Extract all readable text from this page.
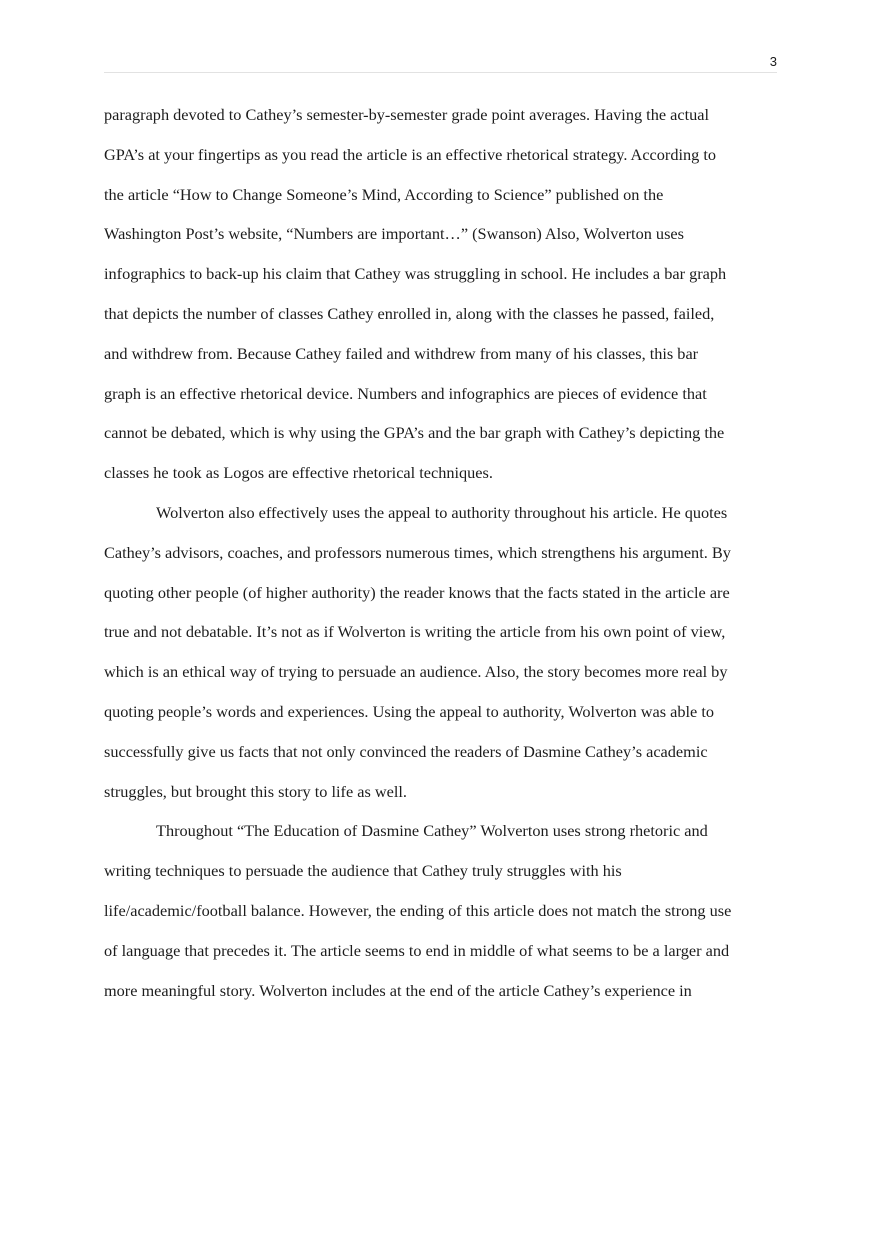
3
paragraph devoted to Cathey’s semester-by-semester grade point averages. Having the actual
GPA’s at your fingertips as you read the article is an effective rhetorical strategy. According to
the article “How to Change Someone’s Mind, According to Science” published on the
Washington Post’s website, “Numbers are important…” (Swanson) Also, Wolverton uses
infographics to back-up his claim that Cathey was struggling in school. He includes a bar graph
that depicts the number of classes Cathey enrolled in, along with the classes he passed, failed,
and withdrew from. Because Cathey failed and withdrew from many of his classes, this bar
graph is an effective rhetorical device. Numbers and infographics are pieces of evidence that
cannot be debated, which is why using the GPA’s and the bar graph with Cathey’s depicting the
classes he took as Logos are effective rhetorical techniques.
Wolverton also effectively uses the appeal to authority throughout his article. He quotes
Cathey’s advisors, coaches, and professors numerous times, which strengthens his argument. By
quoting other people (of higher authority) the reader knows that the facts stated in the article are
true and not debatable. It’s not as if Wolverton is writing the article from his own point of view,
which is an ethical way of trying to persuade an audience. Also, the story becomes more real by
quoting people’s words and experiences. Using the appeal to authority, Wolverton was able to
successfully give us facts that not only convinced the readers of Dasmine Cathey’s academic
struggles, but brought this story to life as well.
Throughout “The Education of Dasmine Cathey” Wolverton uses strong rhetoric and
writing techniques to persuade the audience that Cathey truly struggles with his
life/academic/football balance. However, the ending of this article does not match the strong use
of language that precedes it. The article seems to end in middle of what seems to be a larger and
more meaningful story. Wolverton includes at the end of the article Cathey’s experience in
